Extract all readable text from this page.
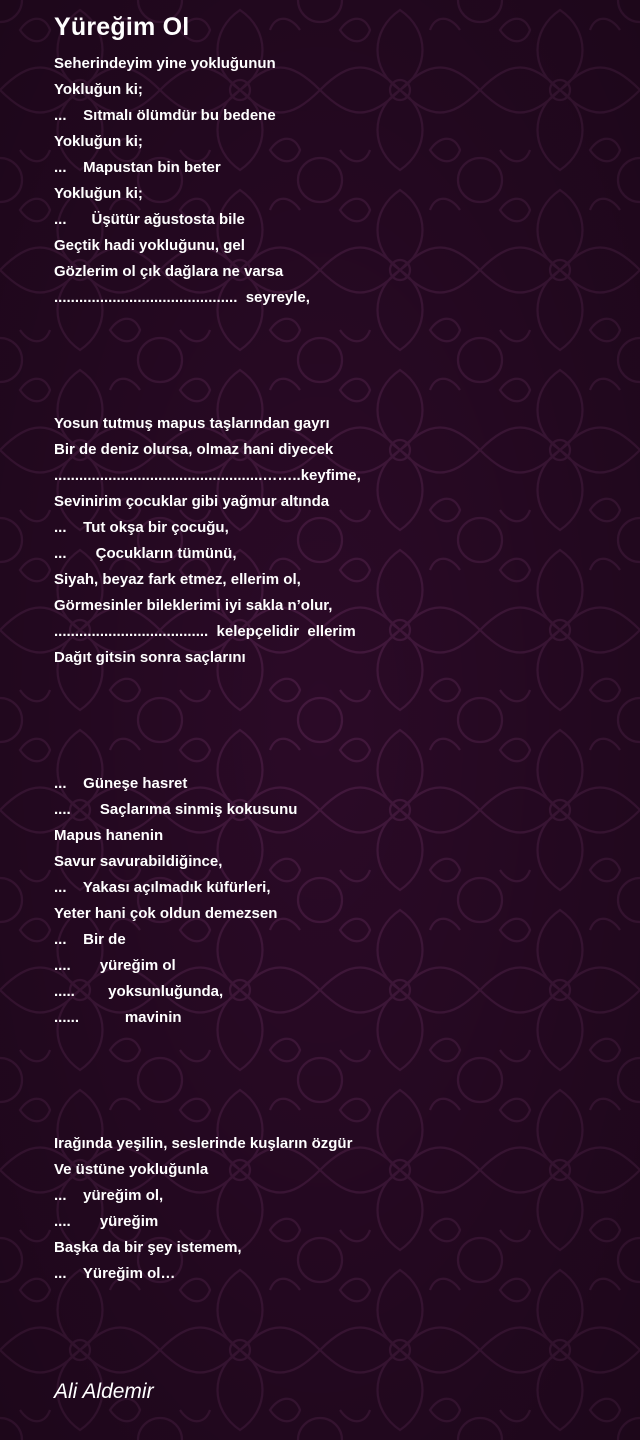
Yüreğim Ol
Seherindeyim yine yokluğunun
Yokluğun ki;
...    Sıtmalı ölümdür bu bedene
Yokluğun ki;
...    Mapustan bin beter
Yokluğun ki;
...      Üşütür ağustosta bile
Geçtik hadi yokluğunu, gel
Gözlerim ol çık dağlara ne varsa
............................................  seyreyle,
Yosun tutmuş mapus taşlarından gayrı
Bir de deniz olursa, olmaz hani diyecek
..................................................……..keyfime,
Sevinirim çocuklar gibi yağmur altında
...    Tut okşa bir çocuğu,
...       Çocukların tümünü,
Siyah, beyaz fark etmez, ellerim ol,
Görmesinler bileklerimi iyi sakla n’olur,
.....................................  kelepçelidir  ellerim
Dağıt gitsin sonra saçlarını
...    Güneşe hasret
....       Saçlarıma sinmiş kokusunu
Mapus hanenin
Savur savurabildiğince,
...    Yakası açılmadık küfürleri,
Yeter hani çok oldun demezsen
...    Bir de
....       yüreğim ol
.....        yoksunluğunda,
......           mavinin
Irağında yeşilin, seslerinde kuşların özgür
Ve üstüne yokluğunla
...    yüreğim ol,
....       yüreğim
Başka da bir şey istemem,
...    Yüreğim ol…
Ali Aldemir
